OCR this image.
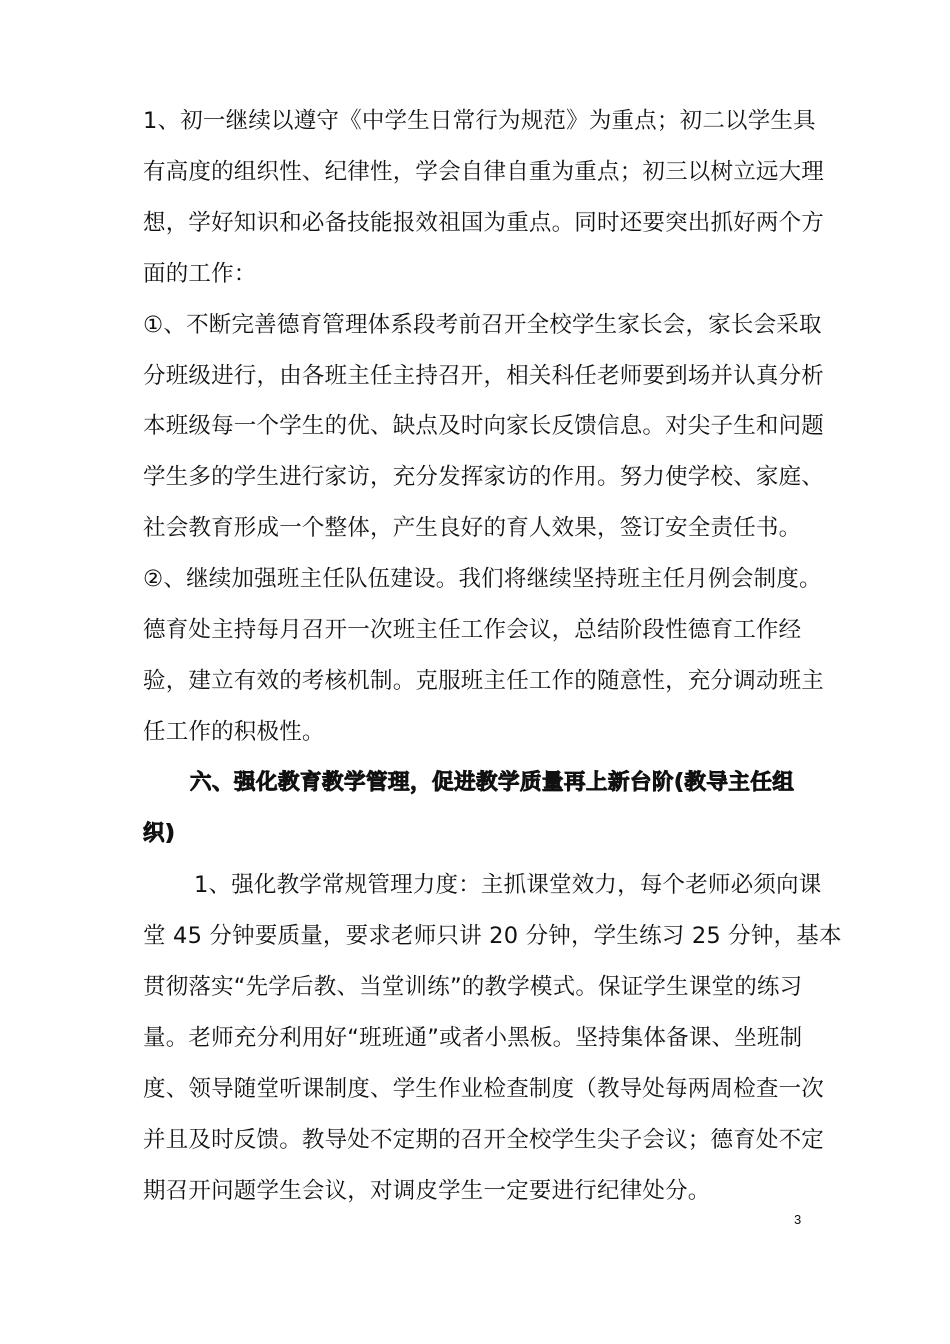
1、初一继续以遵守《中学生日常行为规范》为重点；初二以学生具
有高度的组织性、纪律性，学会自律自重为重点；初三以树立远大理
想，学好知识和必备技能报效祖国为重点。同时还要突出抓好两个方
面的工作：
①、不断完善德育管理体系段考前召开全校学生家长会，家长会采取
分班级进行，由各班主任主持召开，相关科任老师要到场并认真分析
本班级每一个学生的优、缺点及时向家长反馈信息。对尖子生和问题
学生多的学生进行家访，充分发挥家访的作用。努力使学校、家庭、
社会教育形成一个整体，产生良好的育人效果，签订安全责任书。
②、继续加强班主任队伍建设。我们将继续坚持班主任月例会制度。
德育处主持每月召开一次班主任工作会议，总结阶段性德育工作经
验，建立有效的考核机制。克服班主任工作的随意性，充分调动班主
任工作的积极性。
六、强化教育教学管理，促进教学质量再上新台阶(教导主任组
织)
1、强化教学常规管理力度：主抓课堂效力，每个老师必须向课
堂 45 分钟要质量，要求老师只讲 20 分钟，学生练习 25 分钟，基本
贯彻落实“先学后教、当堂训练”的教学模式。保证学生课堂的练习
量。老师充分利用好“班班通”或者小黑板。坚持集体备课、坐班制
度、领导随堂听课制度、学生作业检查制度（教导处每两周检查一次
并且及时反馈。教导处不定期的召开全校学生尖子会议；德育处不定
期召开问题学生会议，对调皮学生一定要进行纪律处分。
3
